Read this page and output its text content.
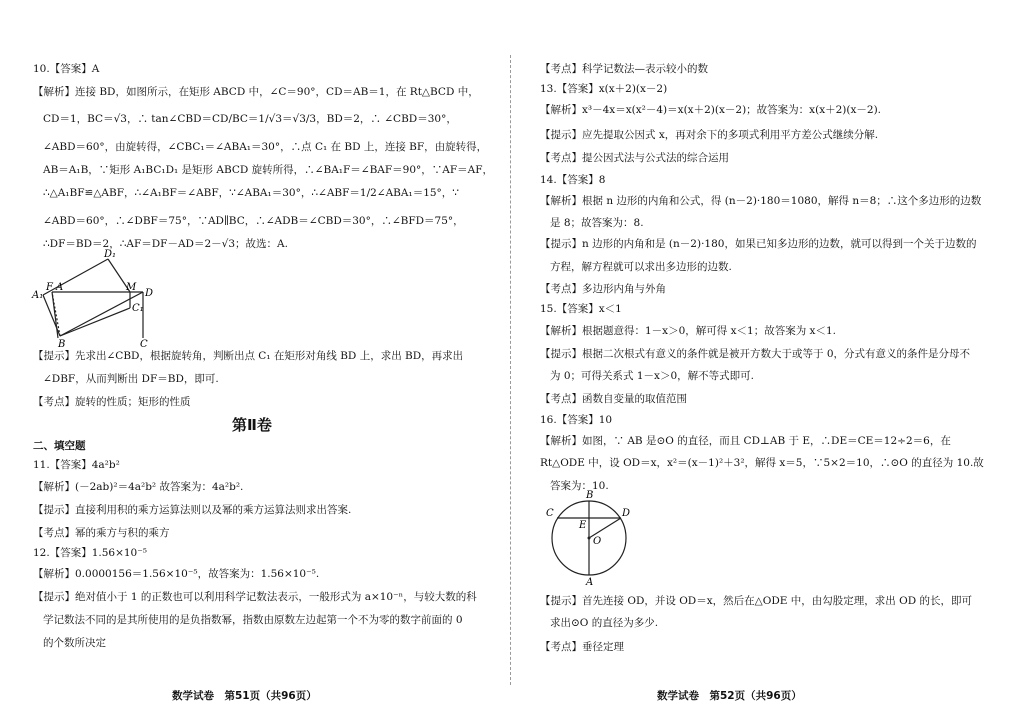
10.【答案】A
【解析】连接 BD，如图所示，在矩形 ABCD 中，∠C＝90°，CD＝AB＝1，在 Rt△BCD 中，
CD＝1，BC＝√3，∴ tan∠CBD＝CD/BC＝1/√3＝√3/3，BD＝2，∴ ∠CBD＝30°，
∠ABD＝60°，由旋转得，∠CBC₁＝∠ABA₁＝30°，∴点 C₁ 在 BD 上，连接 BF，由旋转得，
AB＝A₁B，∵矩形 A₁BC₁D₁ 是矩形 ABCD 旋转所得，∴∠BA₁F＝∠BAF＝90°，∵AF＝AF，
∴△A₁BF≌△ABF，∴∠A₁BF＝∠ABF，∵∠ABA₁＝30°，∴∠ABF＝1/2∠ABA₁＝15°，∵
∠ABD＝60°，∴∠DBF＝75°，∵AD∥BC，∴∠ADB＝∠CBD＝30°，∴∠BFD＝75°，
∴DF＝BD＝2，∴AF＝DF－AD＝2－√3；故选：A.
D₁
F A
A₁
M
D
C₁
B	C
【提示】先求出∠CBD，根据旋转角，判断出点 C₁ 在矩形对角线 BD 上，求出 BD，再求出
∠DBF，从而判断出 DF＝BD，即可.
【考点】旋转的性质；矩形的性质
第Ⅱ卷
二、填空题
11.【答案】4a²b²
【解析】(－2ab)²＝4a²b² 故答案为：4a²b².
【提示】直接利用积的乘方运算法则以及幂的乘方运算法则求出答案.
【考点】幂的乘方与积的乘方
12.【答案】1.56×10⁻⁵
【解析】0.0000156＝1.56×10⁻⁵，故答案为：1.56×10⁻⁵.
【提示】绝对值小于 1 的正数也可以利用科学记数法表示，一般形式为 a×10⁻ⁿ，与较大数的科
学记数法不同的是其所使用的是负指数幂，指数由原数左边起第一个不为零的数字前面的 0
的个数所决定
数学试卷　第51页（共96页）
【考点】科学记数法—表示较小的数
13.【答案】x(x＋2)(x－2)
【解析】x³－4x＝x(x²－4)＝x(x＋2)(x－2)；故答案为：x(x＋2)(x－2).
【提示】应先提取公因式 x，再对余下的多项式利用平方差公式继续分解.
【考点】提公因式法与公式法的综合运用
14.【答案】8
【解析】根据 n 边形的内角和公式，得 (n－2)·180＝1080，解得 n＝8；∴这个多边形的边数
是 8；故答案为：8.
【提示】n 边形的内角和是 (n－2)·180，如果已知多边形的边数，就可以得到一个关于边数的
方程，解方程就可以求出多边形的边数.
【考点】多边形内角与外角
15.【答案】x＜1
【解析】根据题意得：1－x＞0，解可得 x＜1；故答案为 x＜1.
【提示】根据二次根式有意义的条件就是被开方数大于或等于 0，分式有意义的条件是分母不
为 0；可得关系式 1－x＞0，解不等式即可.
【考点】函数自变量的取值范围
16.【答案】10
【解析】如图，∵ AB 是⊙O 的直径，而且 CD⊥AB 于 E，∴DE＝CE＝12÷2＝6，在
Rt△ODE 中，设 OD＝x，x²＝(x－1)²＋3²，解得 x＝5，∵5×2＝10，∴⊙O 的直径为 10.故
答案为：10.
B
C	D
E
O
A
【提示】首先连接 OD，并设 OD＝x，然后在△ODE 中，由勾股定理，求出 OD 的长，即可
求出⊙O 的直径为多少.
【考点】垂径定理
数学试卷　第52页（共96页）
